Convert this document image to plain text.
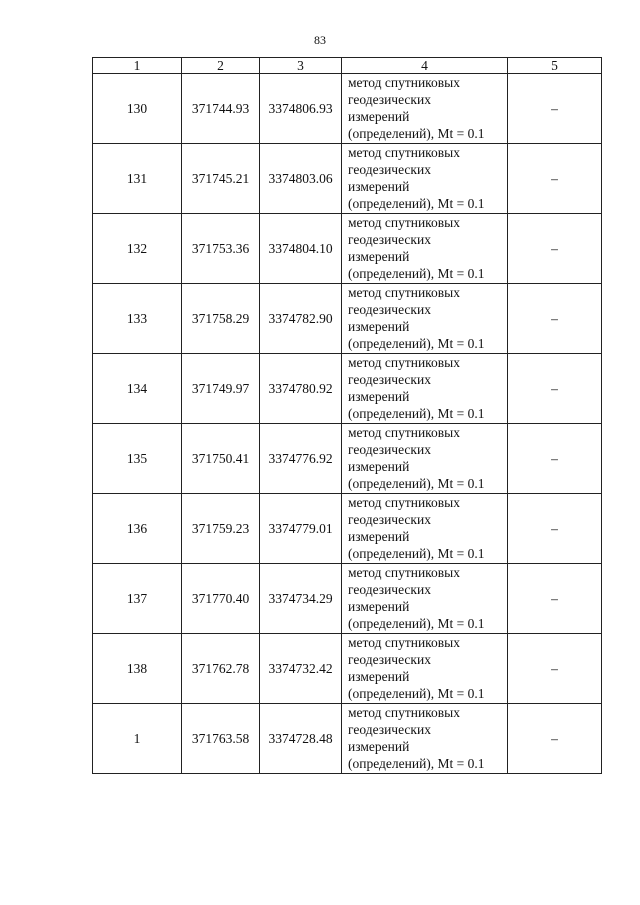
83
1	2	3	4	5
130	371744.93	3374806.93	метод спутниковых
геодезических
измерений
(определений), Mt = 0.1	–
131	371745.21	3374803.06	метод спутниковых
геодезических
измерений
(определений), Mt = 0.1	–
132	371753.36	3374804.10	метод спутниковых
геодезических
измерений
(определений), Mt = 0.1	–
133	371758.29	3374782.90	метод спутниковых
геодезических
измерений
(определений), Mt = 0.1	–
134	371749.97	3374780.92	метод спутниковых
геодезических
измерений
(определений), Mt = 0.1	–
135	371750.41	3374776.92	метод спутниковых
геодезических
измерений
(определений), Mt = 0.1	–
136	371759.23	3374779.01	метод спутниковых
геодезических
измерений
(определений), Mt = 0.1	–
137	371770.40	3374734.29	метод спутниковых
геодезических
измерений
(определений), Mt = 0.1	–
138	371762.78	3374732.42	метод спутниковых
геодезических
измерений
(определений), Mt = 0.1	–
1	371763.58	3374728.48	метод спутниковых
геодезических
измерений
(определений), Mt = 0.1	–
